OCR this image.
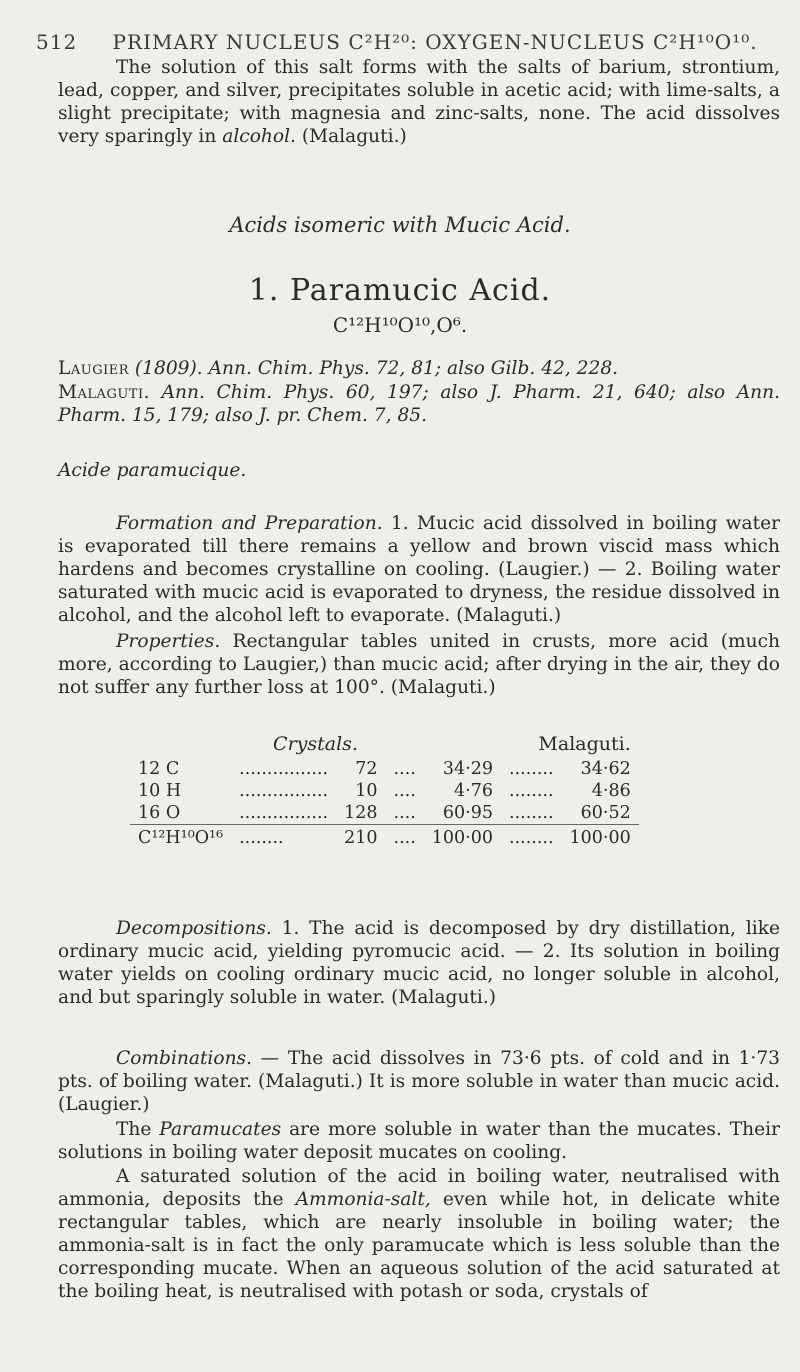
512 PRIMARY NUCLEUS C²H²⁰: OXYGEN-NUCLEUS C²H¹⁰O¹⁰.

The solution of this salt forms with the salts of barium, strontium, lead, copper, and silver, precipitates soluble in acetic acid; with lime-salts, a slight precipitate; with magnesia and zinc-salts, none. The acid dissolves very sparingly in alcohol. (Malaguti.)

Acids isomeric with Mucic Acid.
1. Paramucic Acid.
C¹²H¹⁰O¹⁰,O⁶.

Laugier (1809). Ann. Chim. Phys. 72, 81; also Gilb. 42, 228.

Malaguti. Ann. Chim. Phys. 60, 197; also J. Pharm. 21, 640; also Ann. Pharm. 15, 179; also J. pr. Chem. 7, 85.

Acide paramucique.

Formation and Preparation. 1. Mucic acid dissolved in boiling water is evaporated till there remains a yellow and brown viscid mass which hardens and becomes crystalline on cooling. (Laugier.) — 2. Boiling water saturated with mucic acid is evaporated to dryness, the residue dissolved in alcohol, and the alcohol left to evaporate. (Malaguti.)

Properties. Rectangular tables united in crusts, more acid (much more, according to Laugier,) than mucic acid; after drying in the air, they do not suffer any further loss at 100°. (Malaguti.)

Crystals.					Malaguti.	
12 C	................	72	....	34·29	........	34·62
10 H	................	10	....	4·76	........	4·86
16 O	................	128	....	60·95	........	60·52
C¹²H¹⁰O¹⁶	........	210	....	100·00	........	100·00

Decompositions. 1. The acid is decomposed by dry distillation, like ordinary mucic acid, yielding pyromucic acid. — 2. Its solution in boiling water yields on cooling ordinary mucic acid, no longer soluble in alcohol, and but sparingly soluble in water. (Malaguti.)

Combinations. — The acid dissolves in 73·6 pts. of cold and in 1·73 pts. of boiling water. (Malaguti.) It is more soluble in water than mucic acid. (Laugier.)

The Paramucates are more soluble in water than the mucates. Their solutions in boiling water deposit mucates on cooling.

A saturated solution of the acid in boiling water, neutralised with ammonia, deposits the Ammonia-salt, even while hot, in delicate white rectangular tables, which are nearly insoluble in boiling water; the ammonia-salt is in fact the only paramucate which is less soluble than the corresponding mucate. When an aqueous solution of the acid saturated at the boiling heat, is neutralised with potash or soda, crystals of
